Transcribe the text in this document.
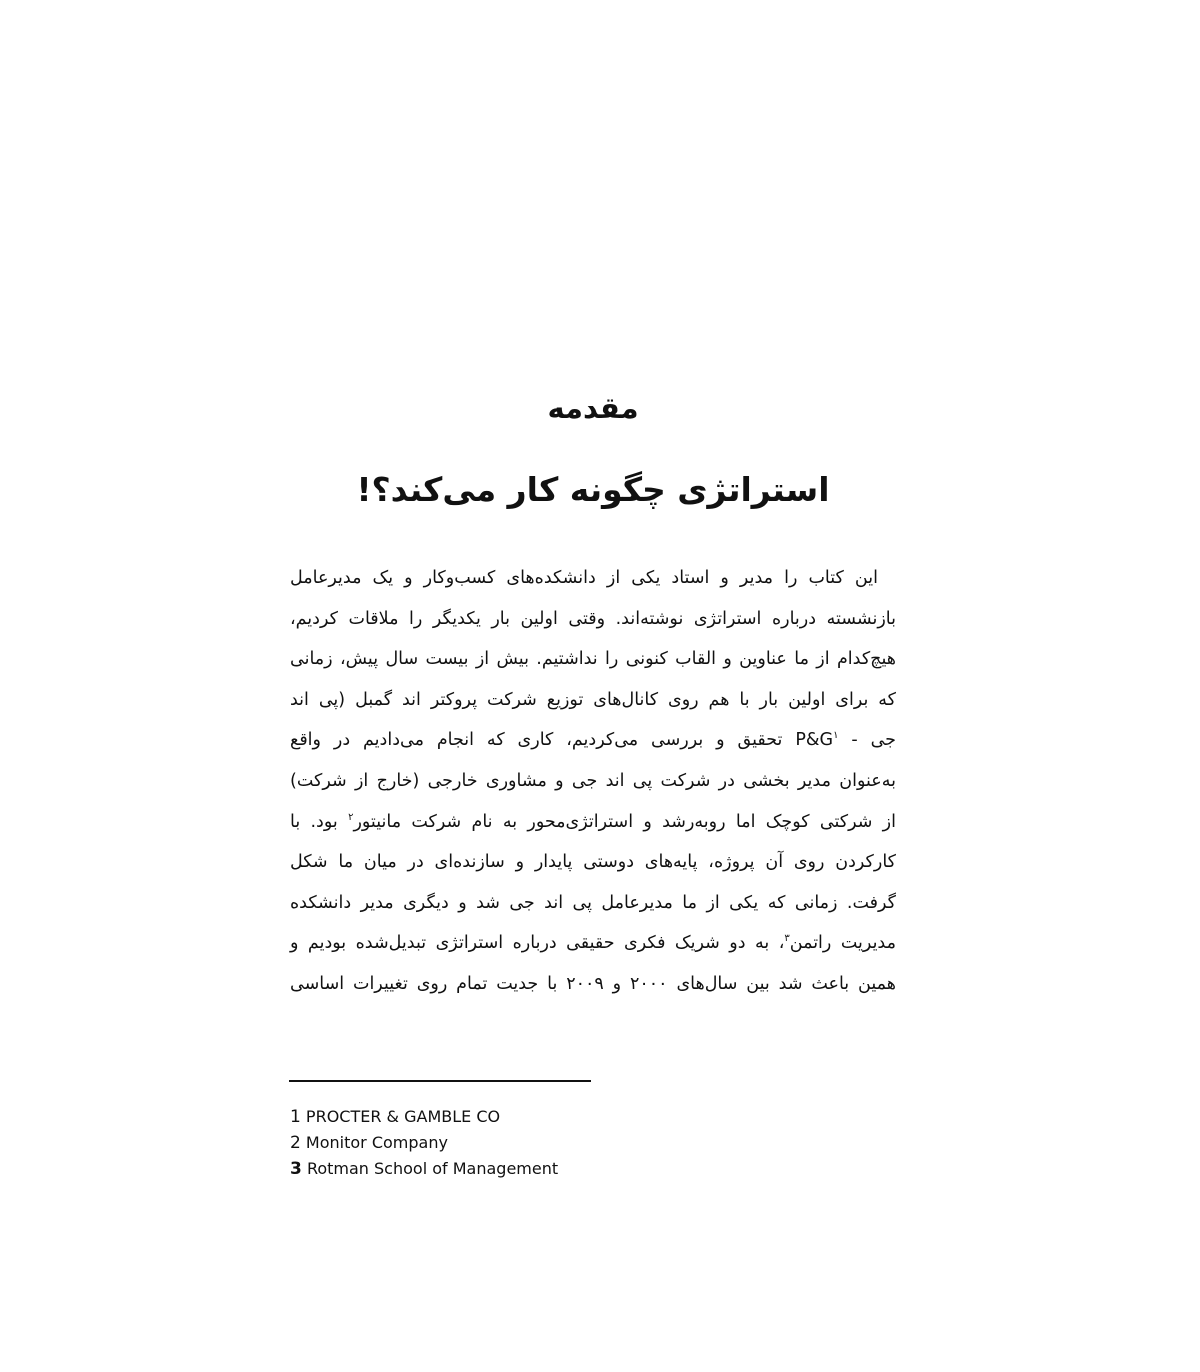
مقدمه
استراتژی چگونه کار می‌کند؟!
این کتاب را مدیر و استاد یکی از دانشکده‌های کسب‌وکار و یک مدیرعامل
بازنشسته درباره استراتژی نوشته‌اند. وقتی اولین بار یکدیگر را ملاقات کردیم،
هیچ‌کدام از ما عناوین و القاب کنونی را نداشتیم. بیش از بیست سال پیش، زمانی
که برای اولین بار با هم روی کانال‌های توزیع شرکت پروکتر اند گمبل (پی اند
جی - $P\&G^۱$ تحقیق و بررسی می‌کردیم، کاری که انجام می‌دادیم در واقع
به‌عنوان مدیر بخشی در شرکت پی اند جی و مشاوری خارجی (خارج از شرکت)
از شرکتی کوچک اما روبه‌رشد و استراتژی‌محور به نام شرکت مانیتور$^۲$ بود. با
کارکردن روی آن پروژه، پایه‌های دوستی پایدار و سازنده‌ای در میان ما شکل
گرفت. زمانی که یکی از ما مدیرعامل پی اند جی شد و دیگری مدیر دانشکده
مدیریت راتمن$^۳$، به دو شریک فکری حقیقی درباره استراتژی تبدیل‌شده بودیم و
همین باعث شد بین سال‌های ۲۰۰۰ و ۲۰۰۹ با جدیت تمام روی تغییرات اساسی
1 PROCTER & GAMBLE CO
2 Monitor Company
3 Rotman School of Management
